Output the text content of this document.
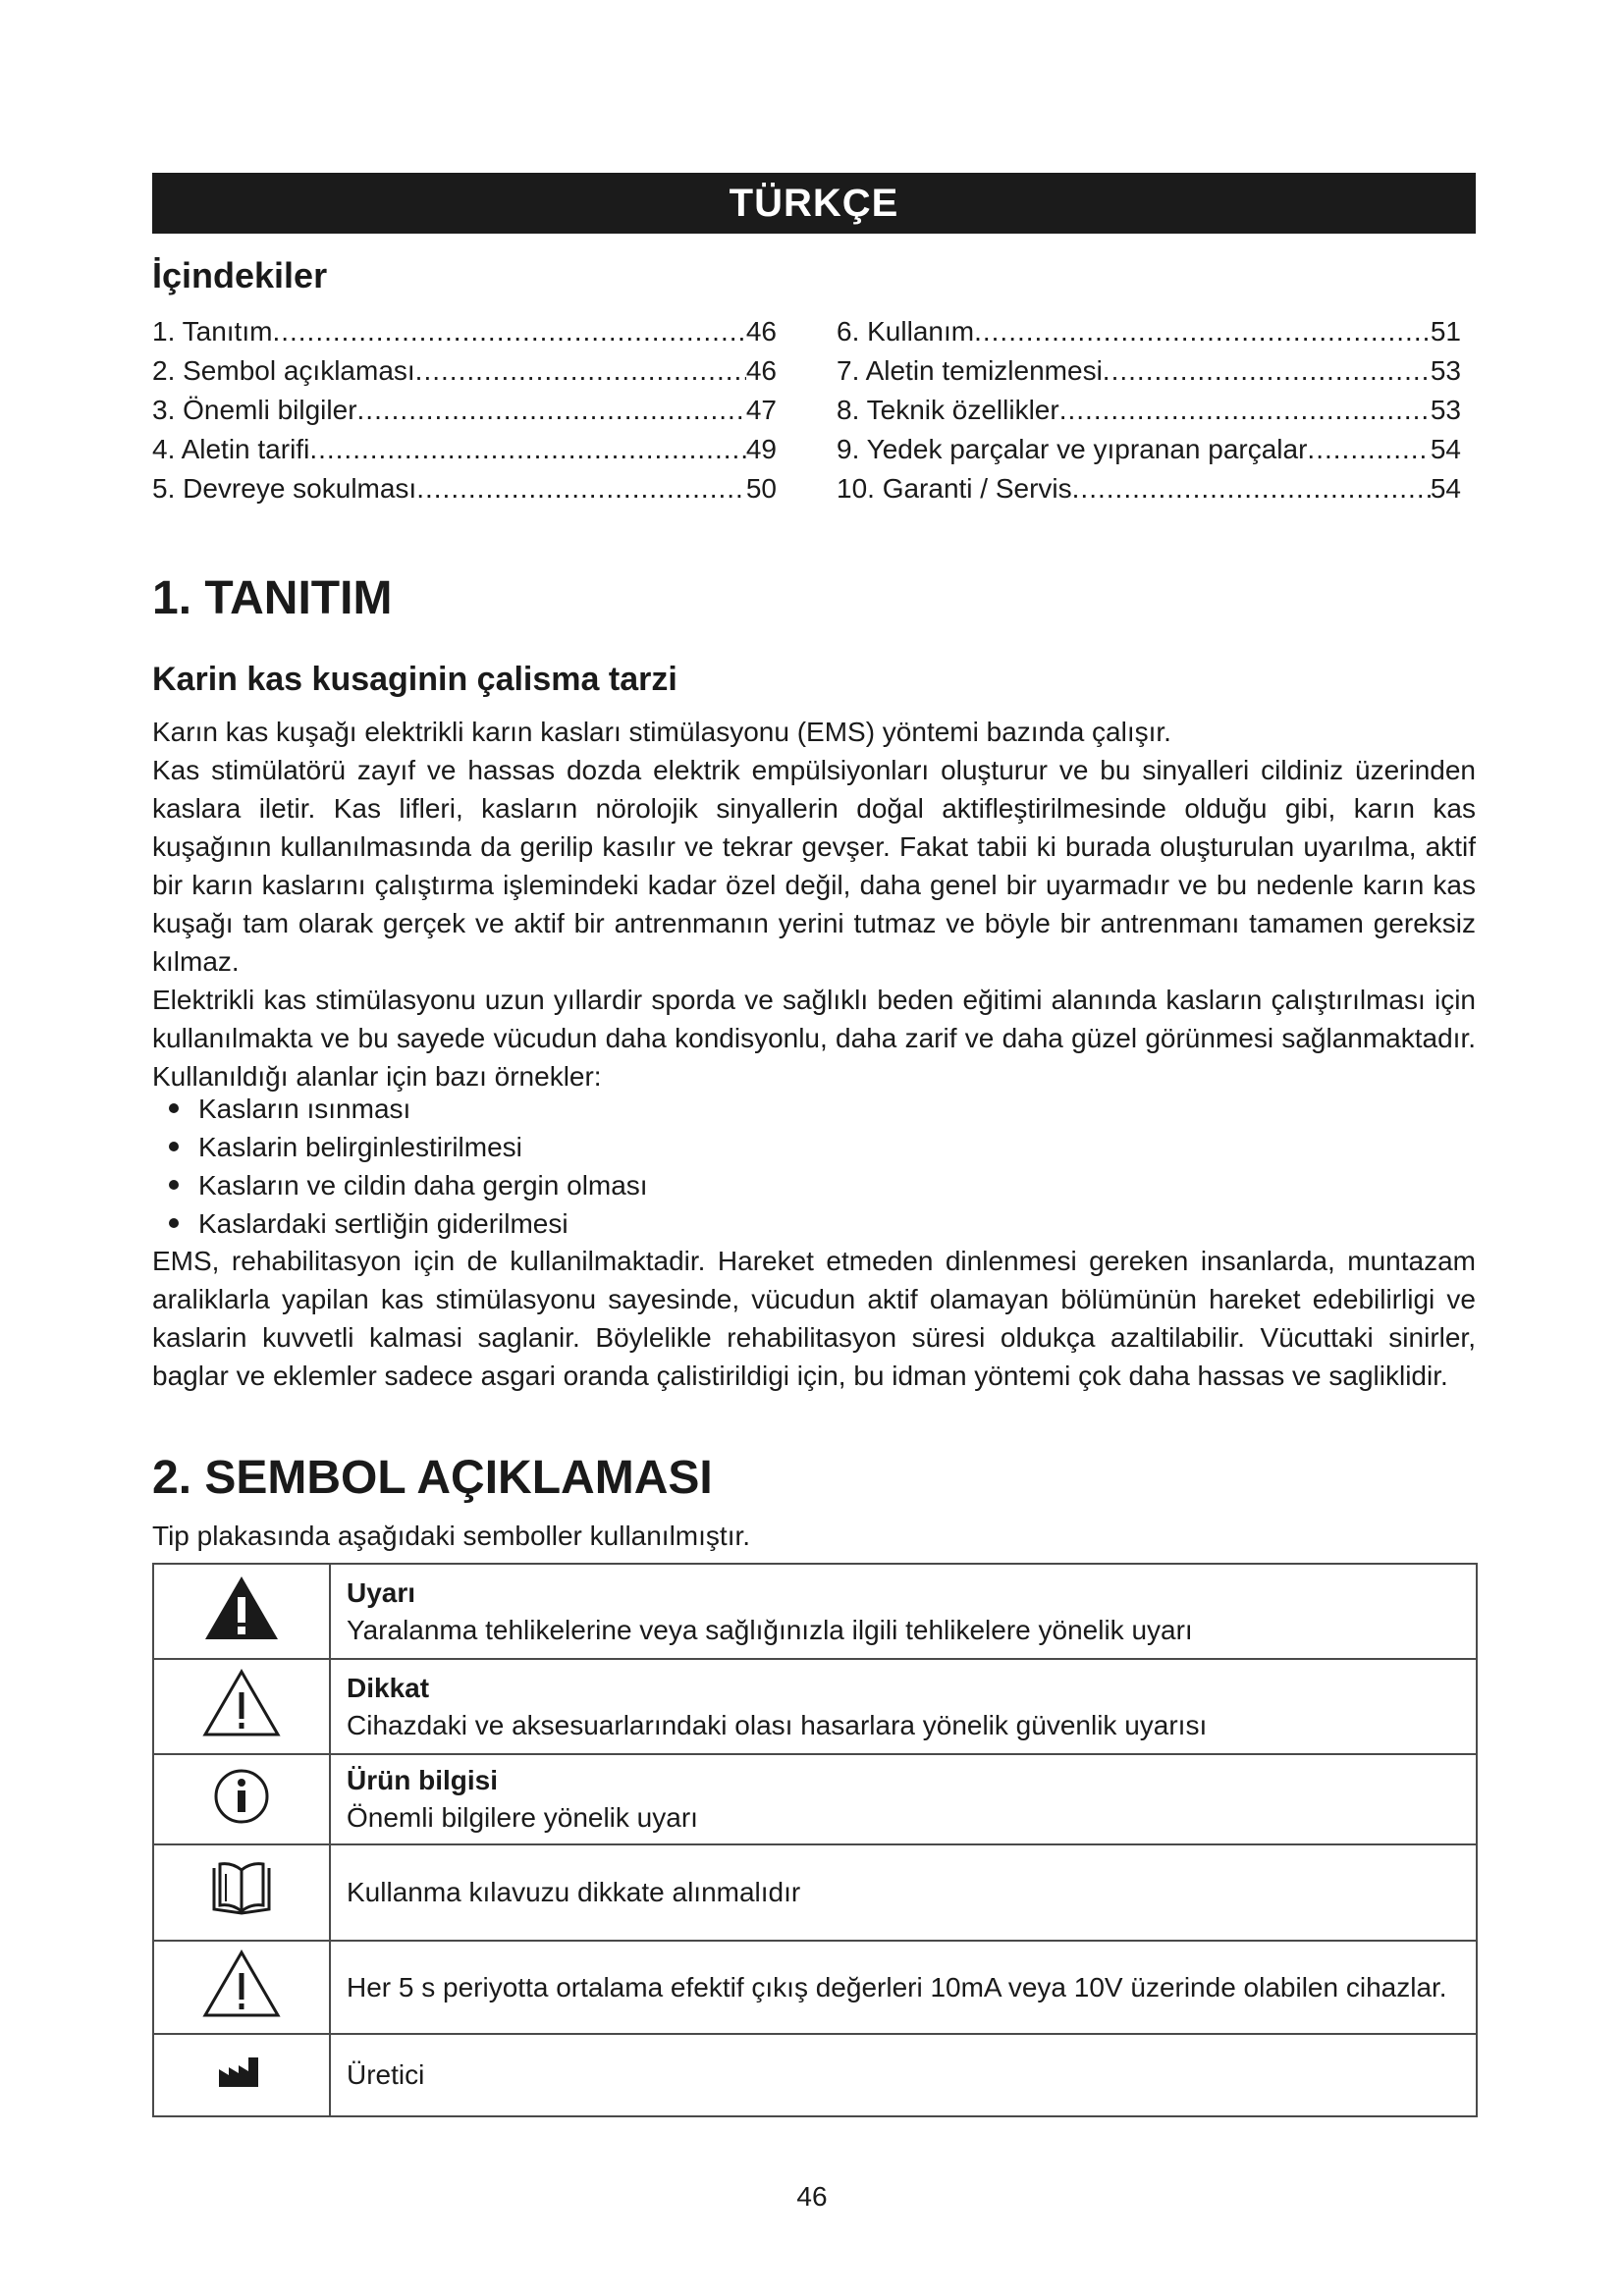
TÜRKÇE
İçindekiler
1. Tanıtım .....	46
2. Sembol açıklaması .....	46
3. Önemli bilgiler .....	47
4. Aletin tarifi .....	49
5. Devreye sokulması .....	50
6. Kullanım .....	51
7. Aletin temizlenmesi .....	53
8. Teknik özellikler .....	53
9. Yedek parçalar ve yıpranan parçalar .....	54
10. Garanti / Servis .....	54
1. TANITIM
Karin kas kusaginin çalisma tarzi

Karın kas kuşağı elektrikli karın kasları stimülasyonu (EMS) yöntemi bazında çalışır.

Kas stimülatörü zayıf ve hassas dozda elektrik empülsiyonları oluşturur ve bu sinyalleri cildiniz üzerinden kaslara iletir. Kas lifleri, kasların nörolojik sinyallerin doğal aktifleştirilmesinde olduğu gibi, karın kas kuşağının kullanılmasında da gerilip kasılır ve tekrar gevşer. Fakat tabii ki burada oluşturulan uyarılma, aktif bir karın kaslarını çalıştırma işlemindeki kadar özel değil, daha genel bir uyarmadır ve bu nedenle karın kas kuşağı tam olarak gerçek ve aktif bir antrenmanın yerini tutmaz ve böyle bir antrenmanı tamamen gereksiz kılmaz.

Elektrikli kas stimülasyonu uzun yıllardir sporda ve sağlıklı beden eğitimi alanında kasların çalıştırılması için kullanılmakta ve bu sayede vücudun daha kondisyonlu, daha zarif ve daha güzel görünmesi sağlanmaktadır. Kullanıldığı alanlar için bazı örnekler:

Kasların ısınması
Kaslarin belirginlestirilmesi
Kasların ve cildin daha gergin olması
Kaslardaki sertliğin giderilmesi

EMS, rehabilitasyon için de kullanilmaktadir. Hareket etmeden dinlenmesi gereken insanlarda, muntazam araliklarla yapilan kas stimülasyonu sayesinde, vücudun aktif olamayan bölümünün hareket edebilirligi ve kaslarin kuvvetli kalmasi saglanir. Böylelikle rehabilitasyon süresi oldukça azaltilabilir. Vücuttaki sinirler, baglar ve eklemler sadece asgari oranda çalistirildigi için, bu idman yöntemi çok daha hassas ve sagliklidir.

2. SEMBOL AÇIKLAMASI

Tip plakasında aşağıdaki semboller kullanılmıştır.

Uyarı
Yaralanma tehlikelerine veya sağlığınızla ilgili tehlikelere yönelik uyarı

Dikkat
Cihazdaki ve aksesuarlarındaki olası hasarlara yönelik güvenlik uyarısı

Ürün bilgisi
Önemli bilgilere yönelik uyarı
	Kullanma kılavuzu dikkate alınmalıdır
	Her 5 s periyotta ortalama efektif çıkış değerleri 10mA veya 10V üzerinde olabilen cihazlar.
	Üretici
46
